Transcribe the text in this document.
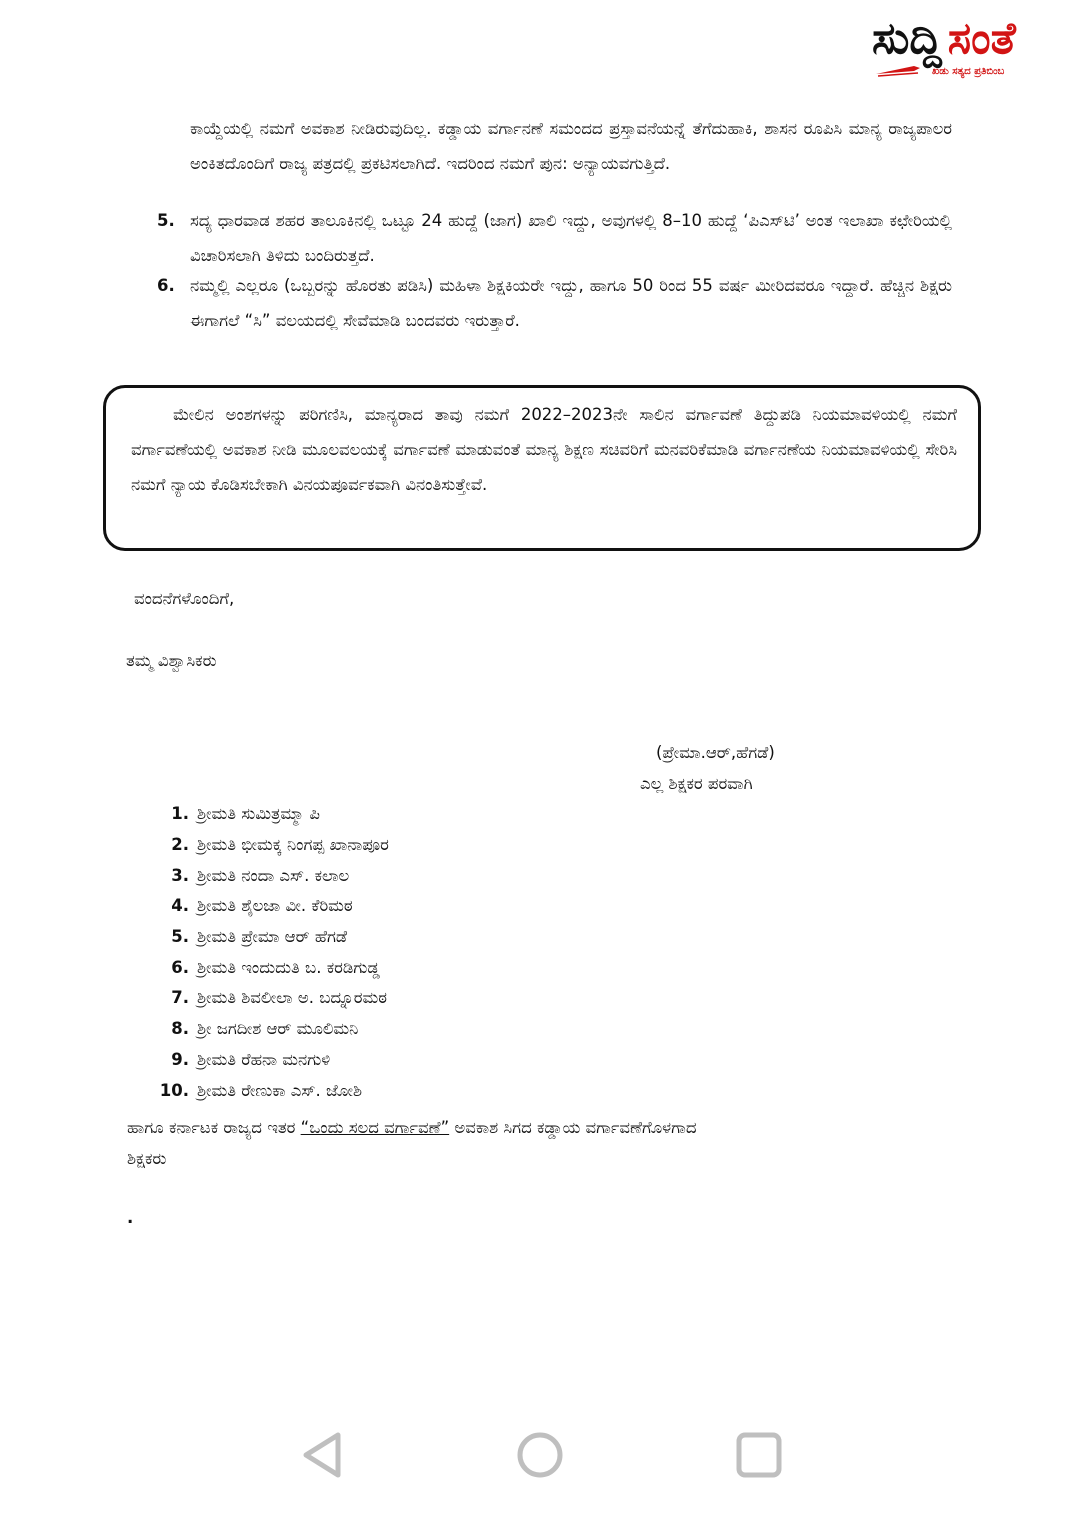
ಸುದ್ದಿ ಸಂತೆ
ಖಡು ಸತ್ಯದ ಪ್ರತಿಬಿಂಬ
ಕಾಯ್ದೆಯಲ್ಲಿ ನಮಗೆ ಅವಕಾಶ ನೀಡಿರುವುದಿಲ್ಲ. ಕಡ್ಡಾಯ ವರ್ಗಾನಣೆ ಸಮಂದದ ಪ್ರಸ್ತಾವನೆಯನ್ನೆ ತೆಗೆದುಹಾಕಿ, ಶಾಸನ ರೂಪಿಸಿ ಮಾನ್ಯ ರಾಜ್ಯಪಾಲರ ಅಂಕಿತದೊಂದಿಗೆ ರಾಜ್ಯ ಪತ್ರದಲ್ಲಿ ಪ್ರಕಟಿಸಲಾಗಿದೆ. ಇದರಿಂದ ನಮಗೆ ಪುನ: ಅನ್ಯಾಯವಗುತ್ತಿದೆ.
5. ಸದ್ಯ ಧಾರವಾಡ ಶಹರ ತಾಲೂಕಿನಲ್ಲಿ ಒಟ್ಟೂ 24 ಹುದ್ದೆ (ಜಾಗ) ಖಾಲಿ ಇದ್ದು, ಅವುಗಳಲ್ಲಿ 8–10 ಹುದ್ದೆ ‘ಪಿಎಸ್‌ಟಿ’ ಅಂತ ಇಲಾಖಾ ಕಛೇರಿಯಲ್ಲಿ ವಿಚಾರಿಸಲಾಗಿ ತಿಳಿದು ಬಂದಿರುತ್ತದೆ.
6. ನಮ್ಮಲ್ಲಿ ಎಲ್ಲರೂ (ಒಬ್ಬರನ್ನು ಹೊರತು ಪಡಿಸಿ) ಮಹಿಳಾ ಶಿಕ್ಷಕಿಯರೇ ಇದ್ದು, ಹಾಗೂ 50 ರಿಂದ 55 ವರ್ಷ ಮೀರಿದವರೂ ಇದ್ದಾರೆ. ಹೆಚ್ಚಿನ ಶಿಕ್ಷರು ಈಗಾಗಲೆ “ಸಿ” ವಲಯದಲ್ಲಿ ಸೇವೆಮಾಡಿ ಬಂದವರು ಇರುತ್ತಾರೆ.
ಮೇಲಿನ ಅಂಶಗಳನ್ನು ಪರಿಗಣಿಸಿ, ಮಾನ್ಯರಾದ ತಾವು ನಮಗೆ 2022–2023ನೇ ಸಾಲಿನ ವರ್ಗಾವಣೆ ತಿದ್ದುಪಡಿ ನಿಯಮಾವಳಿಯಲ್ಲಿ ನಮಗೆ ವರ್ಗಾವಣೆಯಲ್ಲಿ ಅವಕಾಶ ನೀಡಿ ಮೂಲವಲಯಕ್ಕೆ ವರ್ಗಾವಣೆ ಮಾಡುವಂತೆ ಮಾನ್ಯ ಶಿಕ್ಷಣ ಸಚಿವರಿಗೆ ಮನವರಿಕೆಮಾಡಿ ವರ್ಗಾನಣೆಯ ನಿಯಮಾವಳಿಯಲ್ಲಿ ಸೇರಿಸಿ ನಮಗೆ ನ್ಯಾಯ ಕೊಡಿಸಬೇಕಾಗಿ ವಿನಯಪೂರ್ವಕವಾಗಿ ವಿನಂತಿಸುತ್ತೇವೆ.
ವಂದನೆಗಳೊಂದಿಗೆ,
ತಮ್ಮ ವಿಶ್ವಾಸಿಕರು
(ಪ್ರೇಮಾ.ಆರ್,ಹೆಗಡೆ)
ಎಲ್ಲ ಶಿಕ್ಷಕರ ಪರವಾಗಿ
1. ಶ್ರೀಮತಿ ಸುಮಿತ್ರಮ್ಮಾ ಪಿ
2. ಶ್ರೀಮತಿ ಭೀಮಕ್ಕ ನಿಂಗಪ್ಪ ಖಾನಾಪೂರ
3. ಶ್ರೀಮತಿ ನಂದಾ ಎಸ್. ಕಲಾಲ
4. ಶ್ರೀಮತಿ ಶೈಲಜಾ ವೀ. ಕೆರಿಮಠ
5. ಶ್ರೀಮತಿ ಪ್ರೇಮಾ ಆರ್ ಹೆಗಡೆ
6. ಶ್ರೀಮತಿ ಇಂದುದುತಿ ಬ. ಕರಡಿಗುಡ್ಡ
7. ಶ್ರೀಮತಿ ಶಿವಲೀಲಾ ಅ. ಬದ್ನೂರಮಠ
8. ಶ್ರೀ ಜಗದೀಶ ಆರ್ ಮೂಲಿಮನಿ
9. ಶ್ರೀಮತಿ ರೆಹನಾ ಮನಗುಳಿ
10. ಶ್ರೀಮತಿ ರೇಣುಕಾ ಎಸ್. ಜೋಶಿ
ಹಾಗೂ ಕರ್ನಾಟಕ ರಾಜ್ಯದ ಇತರ “ಒಂದು ಸಲದ ವರ್ಗಾವಣೆ” ಅವಕಾಶ ಸಿಗದ ಕಡ್ಡಾಯ ವರ್ಗಾವಣೆಗೊಳಗಾದ
ಶಿಕ್ಷಕರು
.
